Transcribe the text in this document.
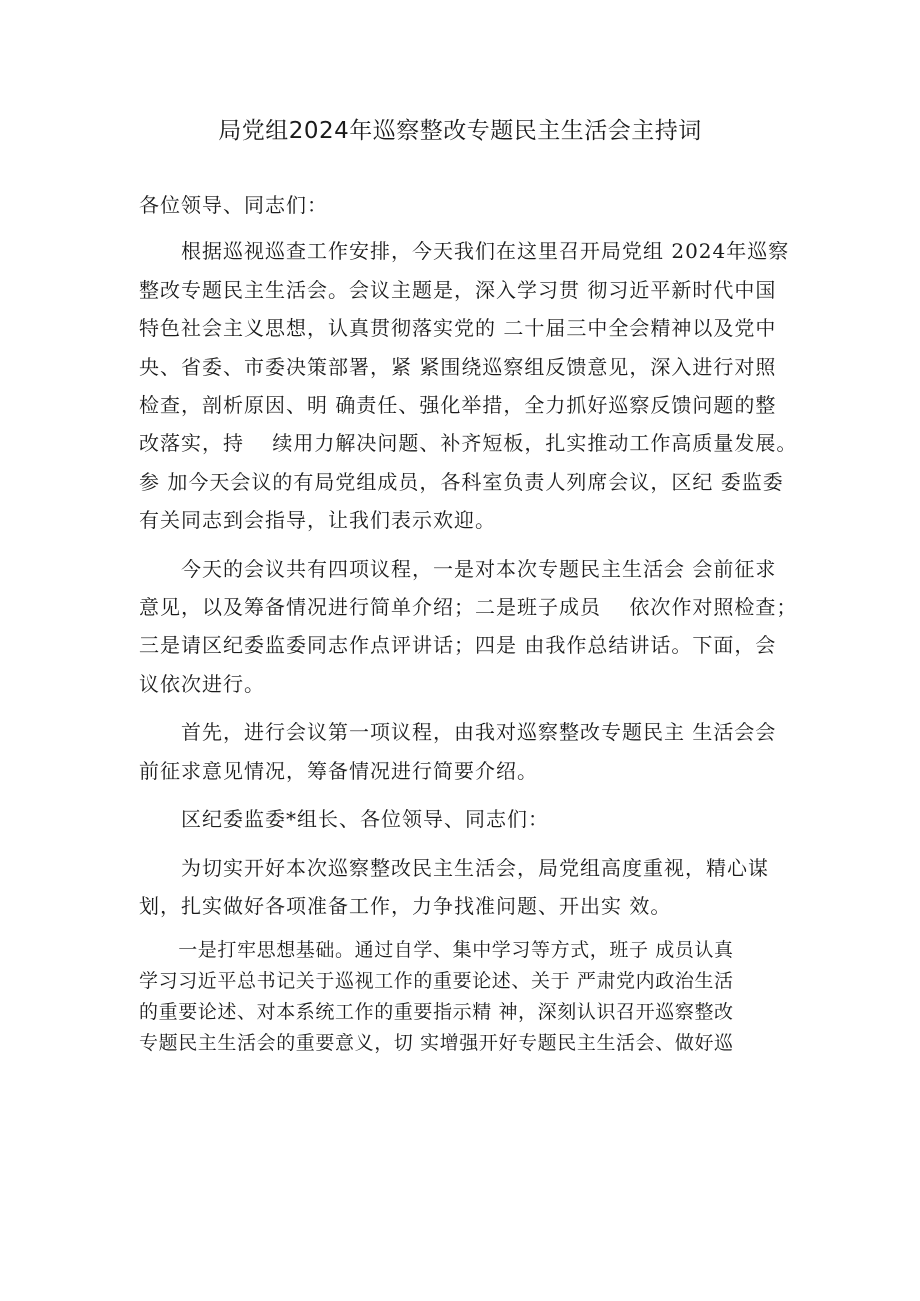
局党组2024年巡察整改专题民主生活会主持词

各位领导、同志们：

　　根据巡视巡查工作安排，今天我们在这里召开局党组 2024年巡察

整改专题民主生活会。会议主题是，深入学习贯 彻习近平新时代中国

特色社会主义思想，认真贯彻落实党的 二十届三中全会精神以及党中

央、省委、市委决策部署，紧 紧围绕巡察组反馈意见，深入进行对照

检查，剖析原因、明 确责任、强化举措，全力抓好巡察反馈问题的整

改落实，持　 续用力解决问题、补齐短板，扎实推动工作高质量发展。

参 加今天会议的有局党组成员，各科室负责人列席会议，区纪 委监委

有关同志到会指导，让我们表示欢迎。

　　今天的会议共有四项议程，一是对本次专题民主生活会 会前征求

意见，以及筹备情况进行简单介绍；二是班子成员　 依次作对照检查；

三是请区纪委监委同志作点评讲话；四是 由我作总结讲话。下面，会

议依次进行。

　　首先，进行会议第一项议程，由我对巡察整改专题民主 生活会会

前征求意见情况，筹备情况进行简要介绍。

　　区纪委监委*组长、各位领导、同志们：

　　为切实开好本次巡察整改民主生活会，局党组高度重视，精心谋

划，扎实做好各项准备工作，力争找准问题、开出实 效。

　　一是打牢思想基础。通过自学、集中学习等方式，班子 成员认真

学习习近平总书记关于巡视工作的重要论述、关于 严肃党内政治生活

的重要论述、对本系统工作的重要指示精 神，深刻认识召开巡察整改

专题民主生活会的重要意义，切 实增强开好专题民主生活会、做好巡
